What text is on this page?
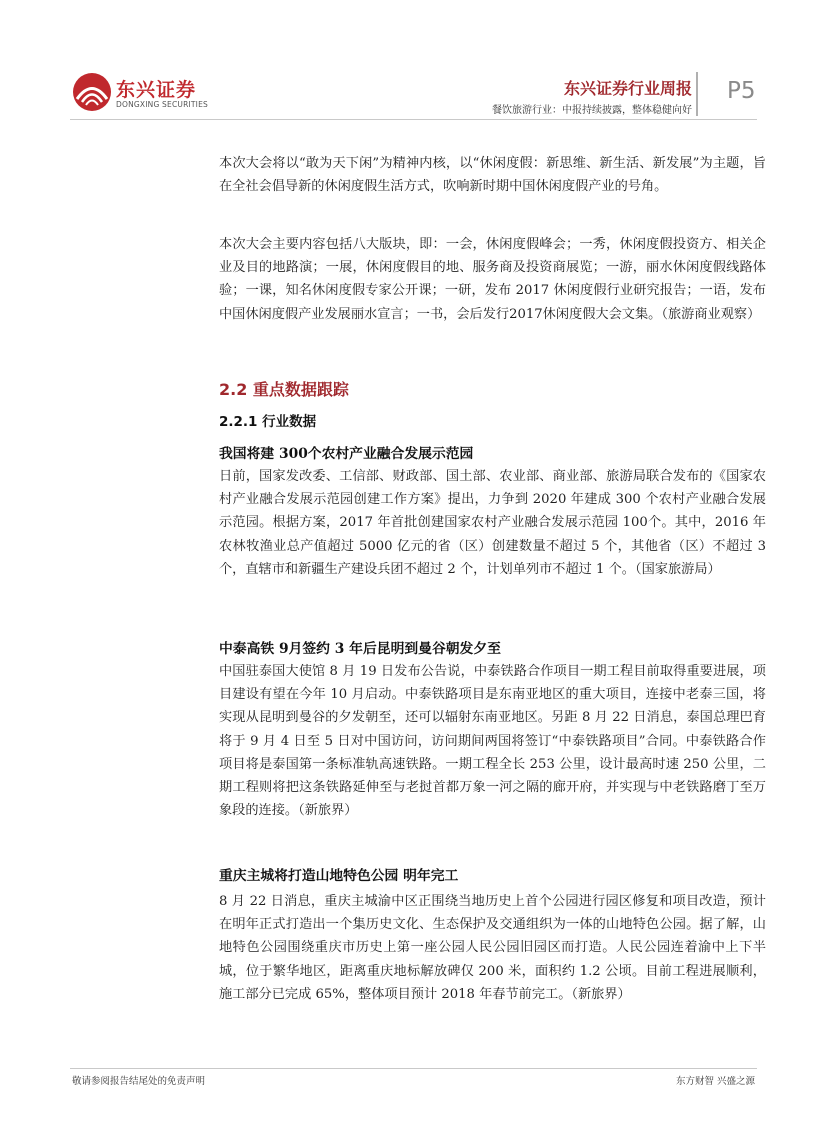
东兴证券
DONGXING SECURITIES
东兴证券行业周报
餐饮旅游行业：中报持续披露，整体稳健向好
P5
本次大会将以“敢为天下闲”为精神内核，以“休闲度假：新思维、新生活、新发展”为主题，旨在全社会倡导新的休闲度假生活方式，吹响新时期中国休闲度假产业的号角。
本次大会主要内容包括八大版块，即：一会，休闲度假峰会；一秀，休闲度假投资方、相关企业及目的地路演；一展，休闲度假目的地、服务商及投资商展览；一游，丽水休闲度假线路体验；一课，知名休闲度假专家公开课；一研，发布 2017 休闲度假行业研究报告；一语，发布中国休闲度假产业发展丽水宣言；一书，会后发行2017休闲度假大会文集。（旅游商业观察）
2.2 重点数据跟踪
2.2.1 行业数据
我国将建 300个农村产业融合发展示范园
日前，国家发改委、工信部、财政部、国土部、农业部、商业部、旅游局联合发布的《国家农村产业融合发展示范园创建工作方案》提出，力争到 2020 年建成 300 个农村产业融合发展示范园。根据方案，2017 年首批创建国家农村产业融合发展示范园 100个。其中，2016 年农林牧渔业总产值超过 5000 亿元的省（区）创建数量不超过 5 个，其他省（区）不超过 3 个，直辖市和新疆生产建设兵团不超过 2 个，计划单列市不超过 1 个。（国家旅游局）
中泰高铁 9月签约 3 年后昆明到曼谷朝发夕至
中国驻泰国大使馆 8 月 19 日发布公告说，中泰铁路合作项目一期工程目前取得重要进展，项目建设有望在今年 10 月启动。中泰铁路项目是东南亚地区的重大项目，连接中老泰三国，将实现从昆明到曼谷的夕发朝至，还可以辐射东南亚地区。另距 8 月 22 日消息，泰国总理巴育将于 9 月 4 日至 5 日对中国访问，访问期间两国将签订“中泰铁路项目”合同。中泰铁路合作项目将是泰国第一条标准轨高速铁路。一期工程全长 253 公里，设计最高时速 250 公里，二期工程则将把这条铁路延伸至与老挝首都万象一河之隔的廊开府，并实现与中老铁路磨丁至万象段的连接。（新旅界）
重庆主城将打造山地特色公园 明年完工
8 月 22 日消息，重庆主城渝中区正围绕当地历史上首个公园进行园区修复和项目改造，预计在明年正式打造出一个集历史文化、生态保护及交通组织为一体的山地特色公园。据了解，山地特色公园围绕重庆市历史上第一座公园人民公园旧园区而打造。人民公园连着渝中上下半城，位于繁华地区，距离重庆地标解放碑仅 200 米，面积约 1.2 公顷。目前工程进展顺利，施工部分已完成 65%，整体项目预计 2018 年春节前完工。（新旅界）
敬请参阅报告结尾处的免责声明	东方财智 兴盛之源
